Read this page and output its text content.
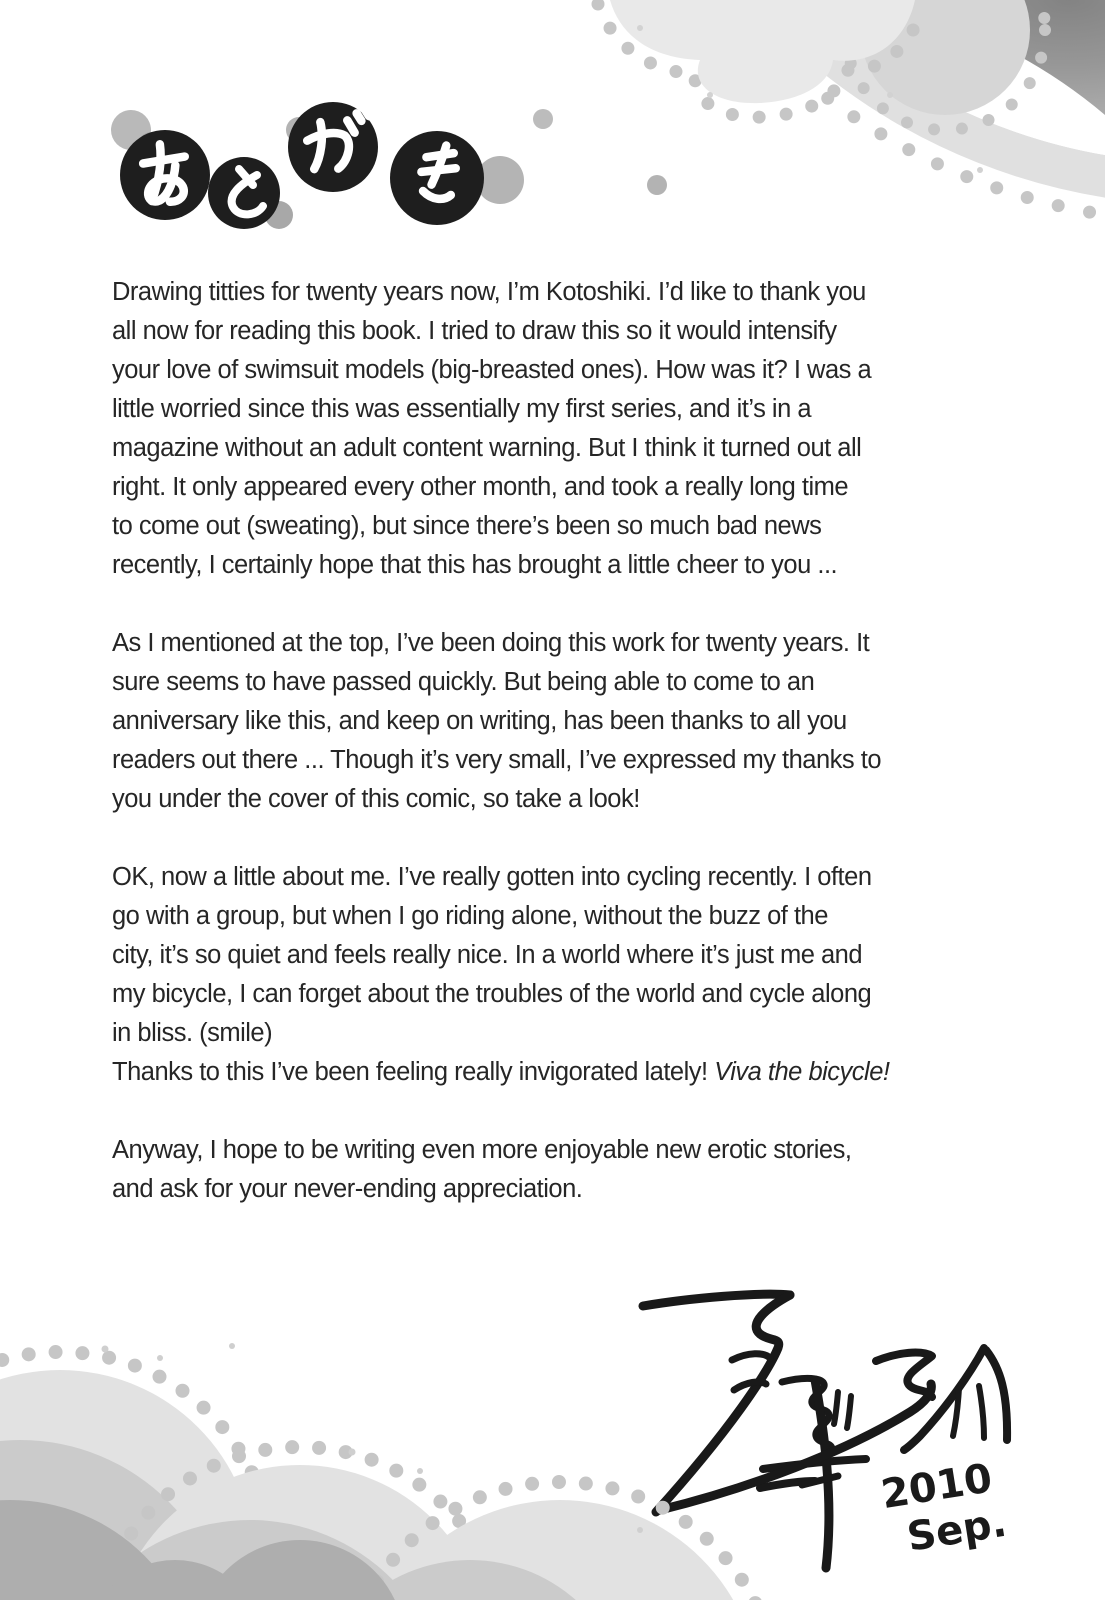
Drawing titties for twenty years now, I’m Kotoshiki. I’d like to thank you
all now for reading this book. I tried to draw this so it would intensify
your love of swimsuit models (big-breasted ones). How was it? I was a
little worried since this was essentially my first series, and it’s in a
magazine without an adult content warning. But I think it turned out all
right. It only appeared every other month, and took a really long time
to come out (sweating), but since there’s been so much bad news
recently, I certainly hope that this has brought a little cheer to you ...
As I mentioned at the top, I’ve been doing this work for twenty years. It
sure seems to have passed quickly. But being able to come to an
anniversary like this, and keep on writing, has been thanks to all you
readers out there ... Though it’s very small, I’ve expressed my thanks to
you under the cover of this comic, so take a look!
OK, now a little about me. I’ve really gotten into cycling recently. I often
go with a group, but when I go riding alone, without the buzz of the
city, it’s so quiet and feels really nice. In a world where it’s just me and
my bicycle, I can forget about the troubles of the world and cycle along
in bliss. (smile)
Thanks to this I’ve been feeling really invigorated lately! Viva the bicycle!
Anyway, I hope to be writing even more enjoyable new erotic stories,
and ask for your never-ending appreciation.
2010
Sep.
